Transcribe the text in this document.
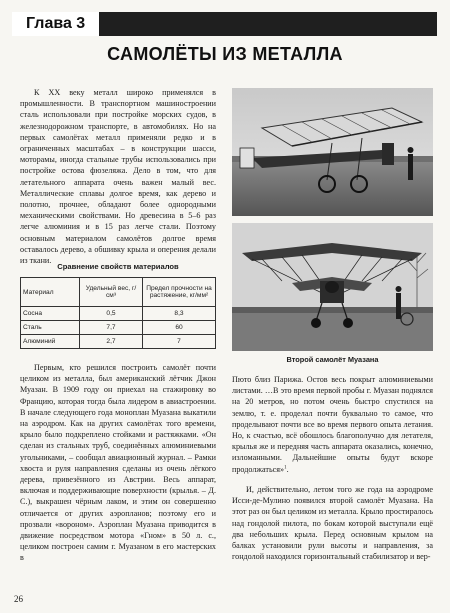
Глава 3
САМОЛЁТЫ ИЗ МЕТАЛЛА

К XX веку металл широко применялся в промышленности. В транспортном машиностроении сталь использовали при постройке морских судов, в железнодорожном транспорте, в автомобилях. Но на первых самолётах металл применяли редко и в ограниченных масштабах – в конструкции шасси, моторамы, иногда стальные трубы использовались при постройке остова фюзеляжа. Дело в том, что для летательного аппарата очень важен малый вес. Металлические сплавы долгое время, как дерево и полотно, прочнее, обладают более однородными механическими свойствами. Но древесина в 5–6 раз легче алюминия и в 15 раз легче стали. Поэтому основным материалом самолётов долгое время оставалось дерево, а обшивку крыла и оперения делали из ткани.

Сравнение свойств материалов
Материал	Удельный вес, г/см³	Предел прочности на растяжение, кг/мм²
Сосна	0,5	8,3
Сталь	7,7	60
Алюминий	2,7	7
Второй самолёт Муазана

Первым, кто решился построить самолёт почти целиком из металла, был американский лётчик Джон Муазан. В 1909 году он приехал на стажировку во Францию, которая тогда была лидером в авиастроении. В начале следующего года моноплан Муазана выкатили на аэродром. Как на других самолётах того времени, крыло было подкреплено стойками и растяжками. «Он сделан из стальных труб, соединённых алюминиевыми угольниками, – сообщал авиационный журнал. – Рамки хвоста и руля направления сделаны из очень лёгкого дерева, привезённого из Австрии. Весь аппарат, включая и поддерживающие поверхности (крылья. – Д. С.), выкрашен чёрным лаком, и этим он совершенно отличается от других аэропланов; поэтому его и прозвали «вороном». Аэроплан Муазана приводится в движение посредством мотора «Гном» в 50 л. с., целиком построен самим г. Муазаном в его мастерских в

Пюто близ Парижа. Остов весь покрыт алюминиевыми листами. …В это время первой пробы г. Муазан поднялся на 20 метров, но потом очень быстро спустился на землю, т. е. проделал почти буквально то самое, что проделывают почти все во время первого опыта летания. Но, к счастью, всё обошлось благополучно для летателя, крылья же и передняя часть аппарата оказались, конечно, изломанными. Дальнейшие опыты будут вскоре продолжаться»$^1$.

И, действительно, летом того же года на аэродроме Исси-де-Мулино появился второй самолёт Муазана. На этот раз он был целиком из металла. Крыло простиралось над гондолой пилота, по бокам которой выступали ещё два небольших крыла. Перед основным крылом на балках установили рули высоты и направления, за гондолой находился горизонтальный стабилизатор и вер-

26
